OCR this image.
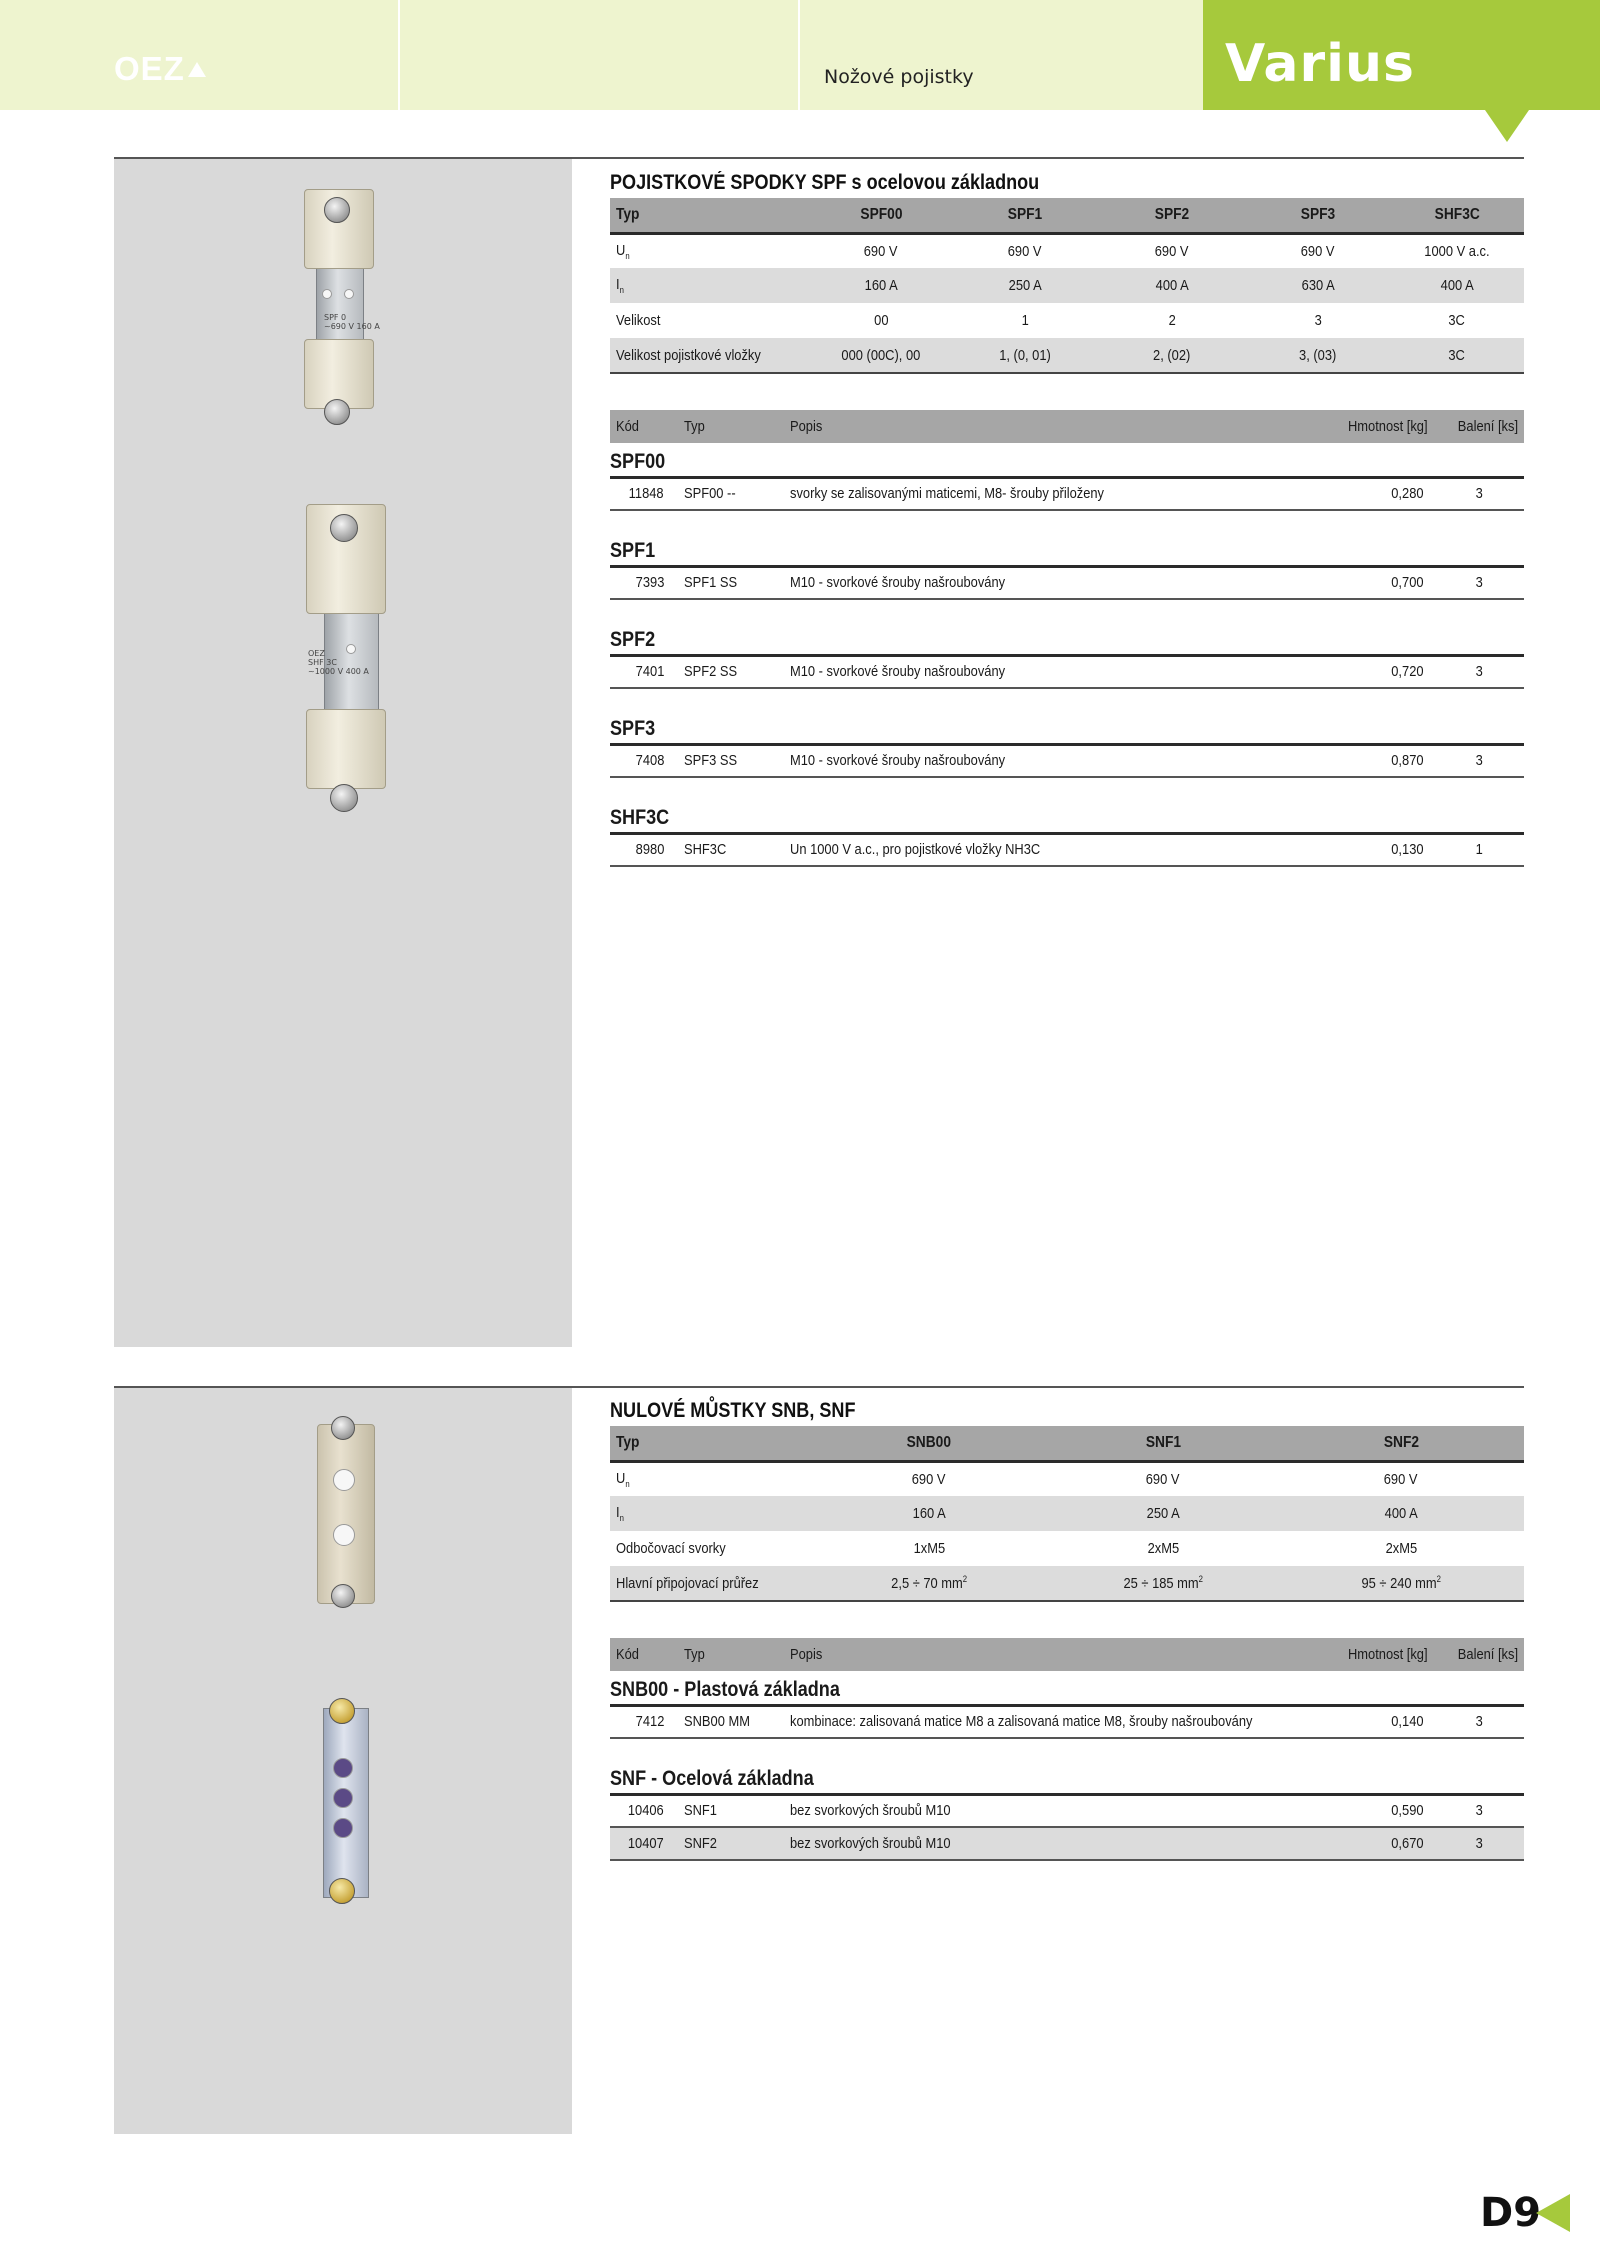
OEZ	Nožové pojistky	Varius
SPF 0
~690 V 160 A
OEZ
SHF 3C
~1000 V 400 A
POJISTKOVÉ SPODKY SPF s ocelovou základnou
Typ	SPF00	SPF1	SPF2	SPF3	SHF3C
$U_n$	690 V	690 V	690 V	690 V	1000 V a.c.
$I_n$	160 A	250 A	400 A	630 A	400 A
Velikost	00	1	2	3	3C
Velikost pojistkové vložky	000 (00C), 00	1, (0, 01)	2, (02)	3, (03)	3C
Kód	Typ	Popis	Hmotnost [kg]	Balení [ks]
SPF00				
11848	SPF00 --	svorky se zalisovanými maticemi, M8- šrouby přiloženy	0,280	3

SPF1				
7393	SPF1 SS	M10 - svorkové šrouby našroubovány	0,700	3

SPF2				
7401	SPF2 SS	M10 - svorkové šrouby našroubovány	0,720	3

SPF3				
7408	SPF3 SS	M10 - svorkové šrouby našroubovány	0,870	3

SHF3C				
8980	SHF3C	Un 1000 V a.c., pro pojistkové vložky NH3C	0,130	1
NULOVÉ MŮSTKY SNB, SNF
Typ	SNB00	SNF1	SNF2
$U_n$	690 V	690 V	690 V
$I_n$	160 A	250 A	400 A
Odbočovací svorky	1xM5	2xM5	2xM5
Hlavní připojovací průřez	2,5 ÷ 70 $mm^2$	25 ÷ 185 $mm^2$	95 ÷ 240 $mm^2$
Kód	Typ	Popis	Hmotnost [kg]	Balení [ks]
SNB00 - Plastová základna				
7412	SNB00 MM	kombinace: zalisovaná matice M8 a zalisovaná matice M8, šrouby našroubovány	0,140	3

SNF - Ocelová základna				
10406	SNF1	bez svorkových šroubů M10	0,590	3
10407	SNF2	bez svorkových šroubů M10	0,670	3
D9
